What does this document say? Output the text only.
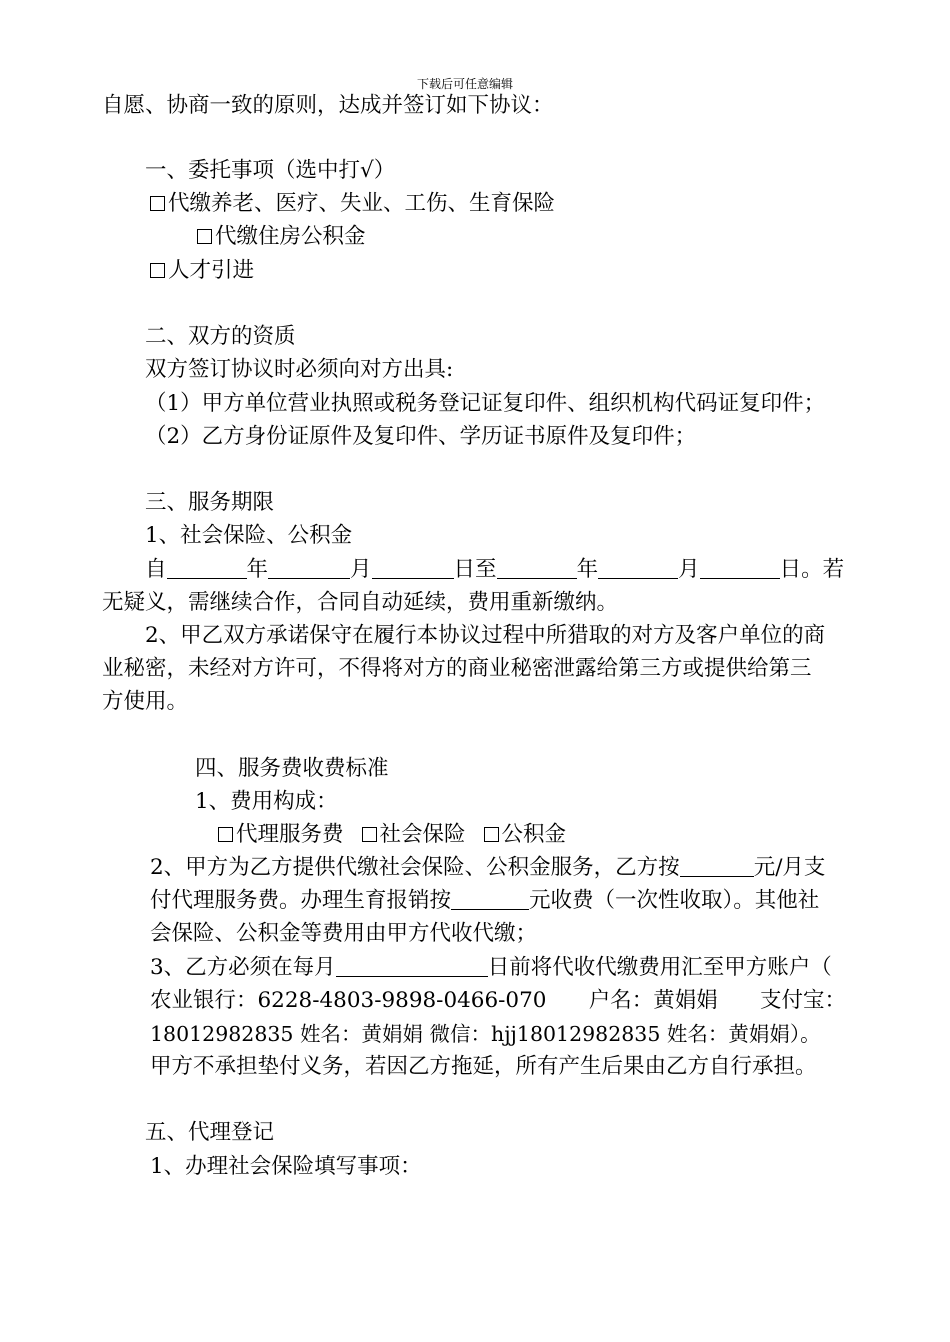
下载后可任意编辑
自愿、协商一致的原则，达成并签订如下协议：
一、委托事项（选中打√）
代缴养老、医疗、失业、工伤、生育保险
代缴住房公积金
人才引进
二、双方的资质
双方签订协议时必须向对方出具:
（1）甲方单位营业执照或税务登记证复印件、组织机构代码证复印件；
（2）乙方身份证原件及复印件、学历证书原件及复印件；
三、服务期限
1、社会保险、公积金
自	年	月	日至	年	月	日。若
无疑义，需继续合作，合同自动延续，费用重新缴纳。
2、甲乙双方承诺保守在履行本协议过程中所猎取的对方及客户单位的商
业秘密，未经对方许可，不得将对方的商业秘密泄露给第三方或提供给第三
方使用。
四、服务费收费标准
1、费用构成：
代理服务费 社会保险 公积金
2、甲方为乙方提供代缴社会保险、公积金服务，乙方按	元/月支
付代理服务费。办理生育报销按	元收费（一次性收取）。其他社
会保险、公积金等费用由甲方代收代缴；
3、乙方必须在每月	日前将代收代缴费用汇至甲方账户（
农业银行：6228-4803-9898-0466-070 户名：黄娟娟 支付宝：
18012982835 姓名：黄娟娟 微信：hjj18012982835 姓名：黄娟娟）。
甲方不承担垫付义务，若因乙方拖延，所有产生后果由乙方自行承担。
五、代理登记
1、办理社会保险填写事项：
